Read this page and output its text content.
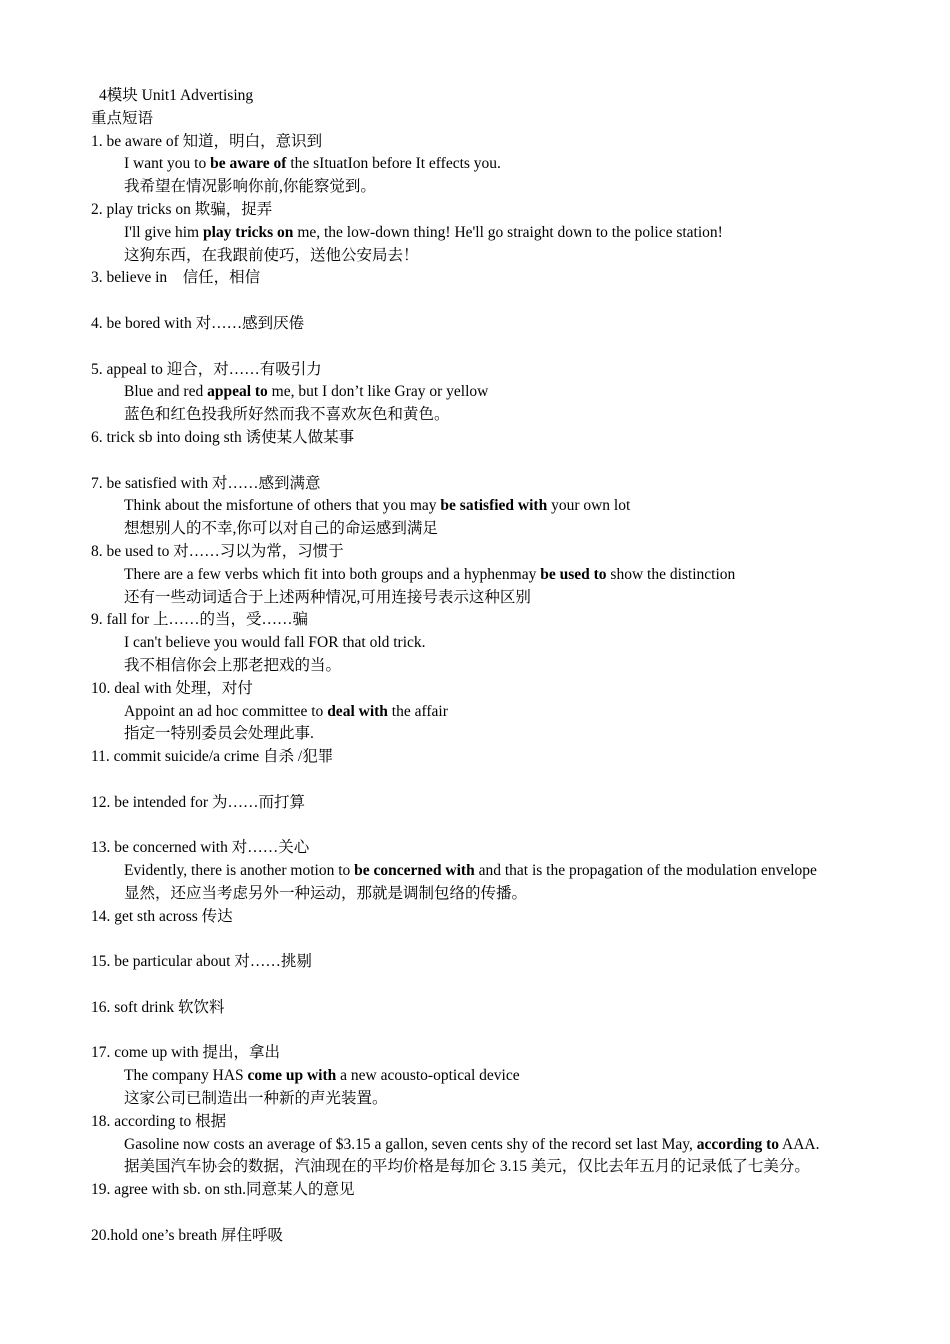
4模块 Unit1 Advertising
重点短语
1. be aware of 知道，明白，意识到
I want you to be aware of the sItuatIon before It effects you.
我希望在情况影响你前,你能察觉到。
2. play tricks on 欺骗，捉弄
I'll give him play tricks on me, the low-down thing! He'll go straight down to the police station!
这狗东西，在我跟前使巧，送他公安局去！
3. believe in　信任，相信
4. be bored with 对……感到厌倦
5. appeal to 迎合，对……有吸引力
Blue and red appeal to me, but I don’t like Gray or yellow
蓝色和红色投我所好然而我不喜欢灰色和黄色。
6. trick sb into doing sth 诱使某人做某事
7. be satisfied with 对……感到满意
Think about the misfortune of others that you may be satisfied with your own lot
想想别人的不幸,你可以对自己的命运感到满足
8. be used to 对……习以为常，习惯于
There are a few verbs which fit into both groups and a hyphenmay be used to show the distinction
还有一些动词适合于上述两种情况,可用连接号表示这种区别
9. fall for 上……的当，受……骗
I can't believe you would fall FOR that old trick.
我不相信你会上那老把戏的当。
10. deal with 处理，对付
Appoint an ad hoc committee to deal with the affair
指定一特别委员会处理此事.
11. commit suicide/a crime 自杀 /犯罪
12. be intended for 为……而打算
13. be concerned with 对……关心
Evidently, there is another motion to be concerned with and that is the propagation of the modulation envelope
显然，还应当考虑另外一种运动，那就是调制包络的传播。
14. get sth across 传达
15. be particular about 对……挑剔
16. soft drink 软饮料
17. come up with 提出，拿出
The company HAS come up with a new acousto-optical device
这家公司已制造出一种新的声光装置。
18. according to 根据
Gasoline now costs an average of $3.15 a gallon, seven cents shy of the record set last May, according to AAA.
据美国汽车协会的数据，汽油现在的平均价格是每加仑 3.15 美元，仅比去年五月的记录低了七美分。
19. agree with sb. on sth.同意某人的意见
20.hold one’s breath 屏住呼吸
